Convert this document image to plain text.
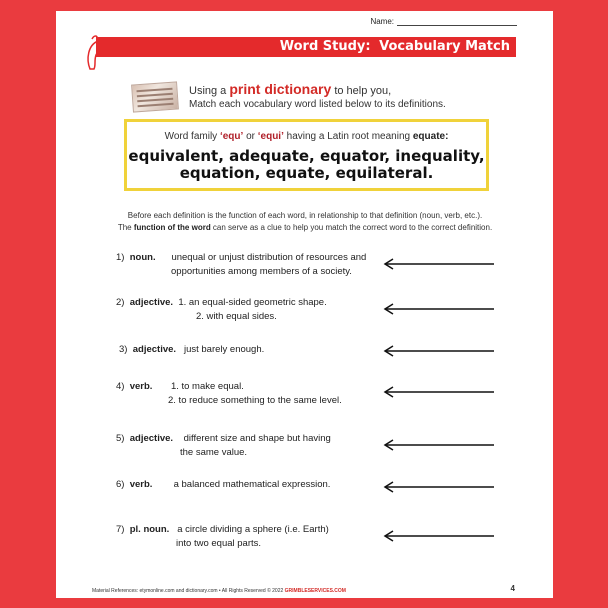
Name:
Word Study: Vocabulary Match
Using a print dictionary to help you,
Match each vocabulary word listed below to its definitions.
Word family ‘equ’ or ‘equi’ having a Latin root meaning equate:
equivalent, adequate, equator, inequality,
equation, equate, equilateral.
Before each definition is the function of each word, in relationship to that definition (noun, verb, etc.).
The function of the word can serve as a clue to help you match the correct word to the correct definition.
1) noun. unequal or unjust distribution of resources and
opportunities among members of a society.
2) adjective. 1. an equal-sided geometric shape.
2. with equal sides.
3) adjective. just barely enough.
4) verb. 1. to make equal.
2. to reduce something to the same level.
5) adjective. different size and shape but having
the same value.
6) verb. a balanced mathematical expression.
7) pl. noun. a circle dividing a sphere (i.e. Earth)
into two equal parts.
Material References: etymonline.com and dictionary.com • All Rights Reserved © 2022 GRIMBLESERVICES.COM	4
